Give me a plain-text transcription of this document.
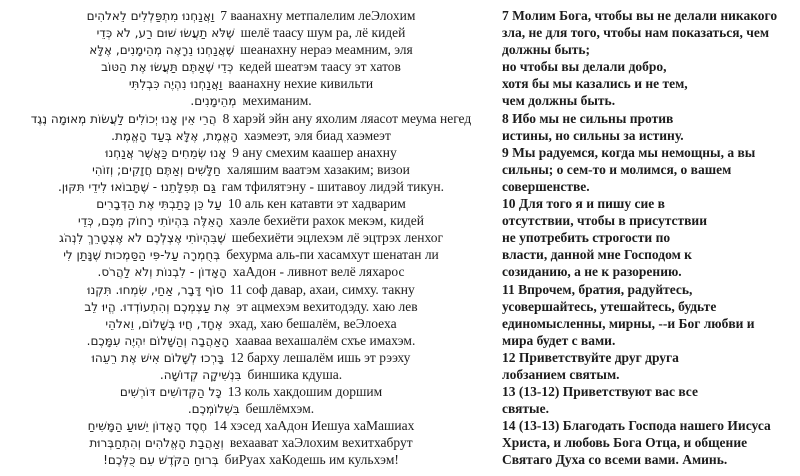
וַאֲנַחְנוּ מִתְפַּלְלִים לֵאלֹהִים 7 ваанахну метпалелим леЭлохим
שֶׁלֹּא תַעֲשׂוּ שׁוּם רַע, לֹא כְּדֵי шелё таасу шум ра, лё кидей
שֶׁאֲנַחְנוּ נֵרָאֶה מְהֵימָנִים, אֶלָּא шеанахну нераэ меамним, эля
כְּדֵי שֶׁאַתֶּם תַּעֲשׂוּ אֶת הַטּוֹב кедей шеатэм таасу эт хатов
וַאֲנַחְנוּ נִהְיֶה כִּבְלִתִּי ваанахну нехие кивильти
מְהֵימָנִים. мехиманим.
הֲרֵי אֵין אָנוּ יְכוֹלִים לַעֲשׂוֹת מְאוּמָה נֶגֶד 8 харэй эйн ану яхолим ляасот меума негед
הָאֱמֶת, אֶלָּא בְּעַד הָאֱמֶת. хаэмеэт, эля биад хаэмеэт
אָנוּ שְׂמֵחִים כַּאֲשֶׁר אֲנַחְנוּ 9 ану смехим каашер анахну
חַלָּשִׁים וְאַתֶּם חֲזָקִים; וְזוֹהִי халяшим ваатэм хазаким; визои
גַּם תְּפִלָּתֵנוּ - שֶׁתָּבוֹאוּ לִידֵי תִּקּוּן. гам тфилятэну - шитавоу лидэй тикун.
עַל כֵּן כָּתַבְתִּי אֶת הַדְּבָרִים 10 аль кен катавти эт хадварим
הָאֵלֶּה בִּהְיוֹתִי רָחוֹק מִכֶּם, כְּדֵי хаэле бехиёти рахок мекэм, кидей
שֶׁבִּהְיוֹתִי אֶצְלְכֶם לֹא אֶצְטָרֵךְ לִנְהֹג шебехиёти эцлехэм лё эцтрэх ленхог
בְּחֻמְרָה עַל-פִּי הַסַּמְכוּת שֶׁנָּתַן לִי бехурма аль-пи хасамхут шенатан ли
הָאָדוֹן - לִבְנוֹת וְלֹא לַהֲרֹס. хаАдон - ливнот велё ляхарос
סוֹף דָּבָר, אַחַי, שִׂמְחוּ. תִּקְנוּ 11 соф давар, ахаи, симху. такну
אֶת עַצְמְכֶם וְהִתְעוֹדְדוּ. הֱיוּ לֵב эт ацмехэм вехитодэду. хаю лев
אֶחָד, חֲיוּ בְּשָׁלוֹם, וֵאלֹהֵי эхад, хаю бешалём, веЭлоеха
הָאַהֲבָה וְהַשָּׁלוֹם יִהְיֶה עִמָּכֶם. хааваа вехашалём схъе имахэм.
בָּרְכוּ לְשָׁלוֹם אִישׁ אֶת רֵעֵהוּ 12 барху лешалём ишь эт рээху
בִּנְשִׁיקָה קְדוֹשָׁה. биншика кдуша.
כָּל הַקְּדוֹשִׁים דּוֹרְשִׁים 13 коль хакдошим доршим
בִּשְׁלוֹמְכֶם. бешлёмхэм.
חֶסֶד הָאָדוֹן יֵשׁוּעַ הַמָּשִׁיחַ 14 хэсед хаАдон Иешуа хаМашиах
וְאַהֲבַת הָאֱלֹהִים וְהִתְחַבְּרוּת вехаават хаЭлохим вехитхабрут
בְּרוּחַ הַקֹּדֶשׁ עִם כֻּלְּכֶם! биРуах хаКодешь им кульхэм!
7 Молим Бога, чтобы вы не делали никакого
зла, не для того, чтобы нам показаться, чем
должны быть;
но чтобы вы делали добро,
хотя бы мы казались и не тем,
чем должны быть.
8 Ибо мы не сильны против
истины, но сильны за истину.
9 Мы радуемся, когда мы немощны, а вы
сильны; о сем-то и молимся, о вашем
совершенстве.
10 Для того я и пишу сие в
отсутствии, чтобы в присутствии
не употребить строгости по
власти, данной мне Господом к
созиданию, а не к разорению.
11 Впрочем, братия, радуйтесь,
усовершайтесь, утешайтесь, будьте
единомысленны, мирны, --и Бог любви и
мира будет с вами.
12 Приветствуйте друг друга
лобзанием святым.
13 (13-12) Приветствуют вас все
святые.
14 (13-13) Благодать Господа нашего Иисуса
Христа, и любовь Бога Отца, и общение
Святаго Духа со всеми вами. Аминь.
